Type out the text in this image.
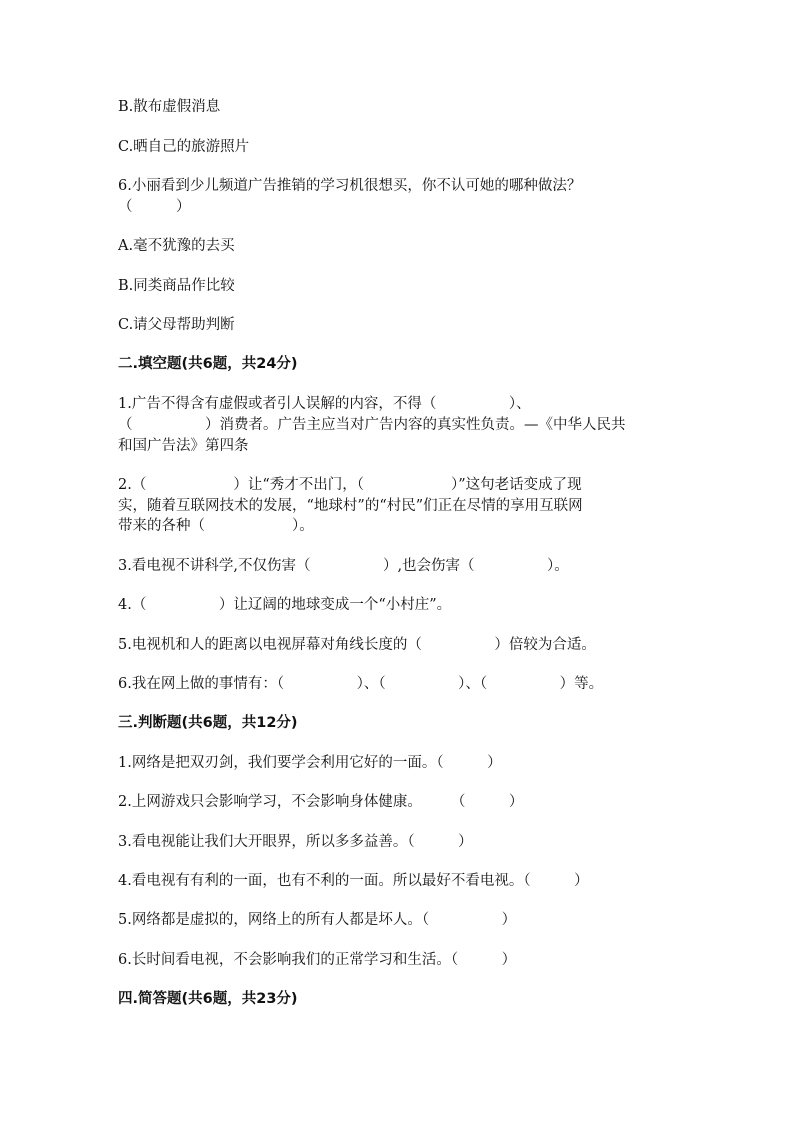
B.散布虚假消息
C.晒自己的旅游照片
6.小丽看到少儿频道广告推销的学习机很想买，你不认可她的哪种做法？
（　　　）
A.毫不犹豫的去买
B.同类商品作比较
C.请父母帮助判断
二.填空题(共6题，共24分)
1.广告不得含有虚假或者引人误解的内容，不得（　　　　　）、
（　　　　　）消费者。广告主应当对广告内容的真实性负责。—《中华人民共
和国广告法》第四条
2.（　　　　　　）让“秀才不出门，（　　　　　　）”这句老话变成了现
实，随着互联网技术的发展，“地球村”的“村民”们正在尽情的享用互联网
带来的各种（　　　　　　）。
3.看电视不讲科学,不仅伤害（　　　　　）,也会伤害（　　　　　）。
4.（　　　　　）让辽阔的地球变成一个“小村庄”。
5.电视机和人的距离以电视屏幕对角线长度的（　　　　　）倍较为合适。
6.我在网上做的事情有：（　　　　　）、（　　　　　）、（　　　　　）等。
三.判断题(共6题，共12分)
1.网络是把双刃剑，我们要学会利用它好的一面。（　　　）
2.上网游戏只会影响学习，不会影响身体健康。　　　（　　　）
3.看电视能让我们大开眼界，所以多多益善。（　　　）
4.看电视有有利的一面，也有不利的一面。所以最好不看电视。（　　　）
5.网络都是虚拟的，网络上的所有人都是坏人。（　　　　　）
6.长时间看电视，不会影响我们的正常学习和生活。（　　　）
四.简答题(共6题，共23分)
